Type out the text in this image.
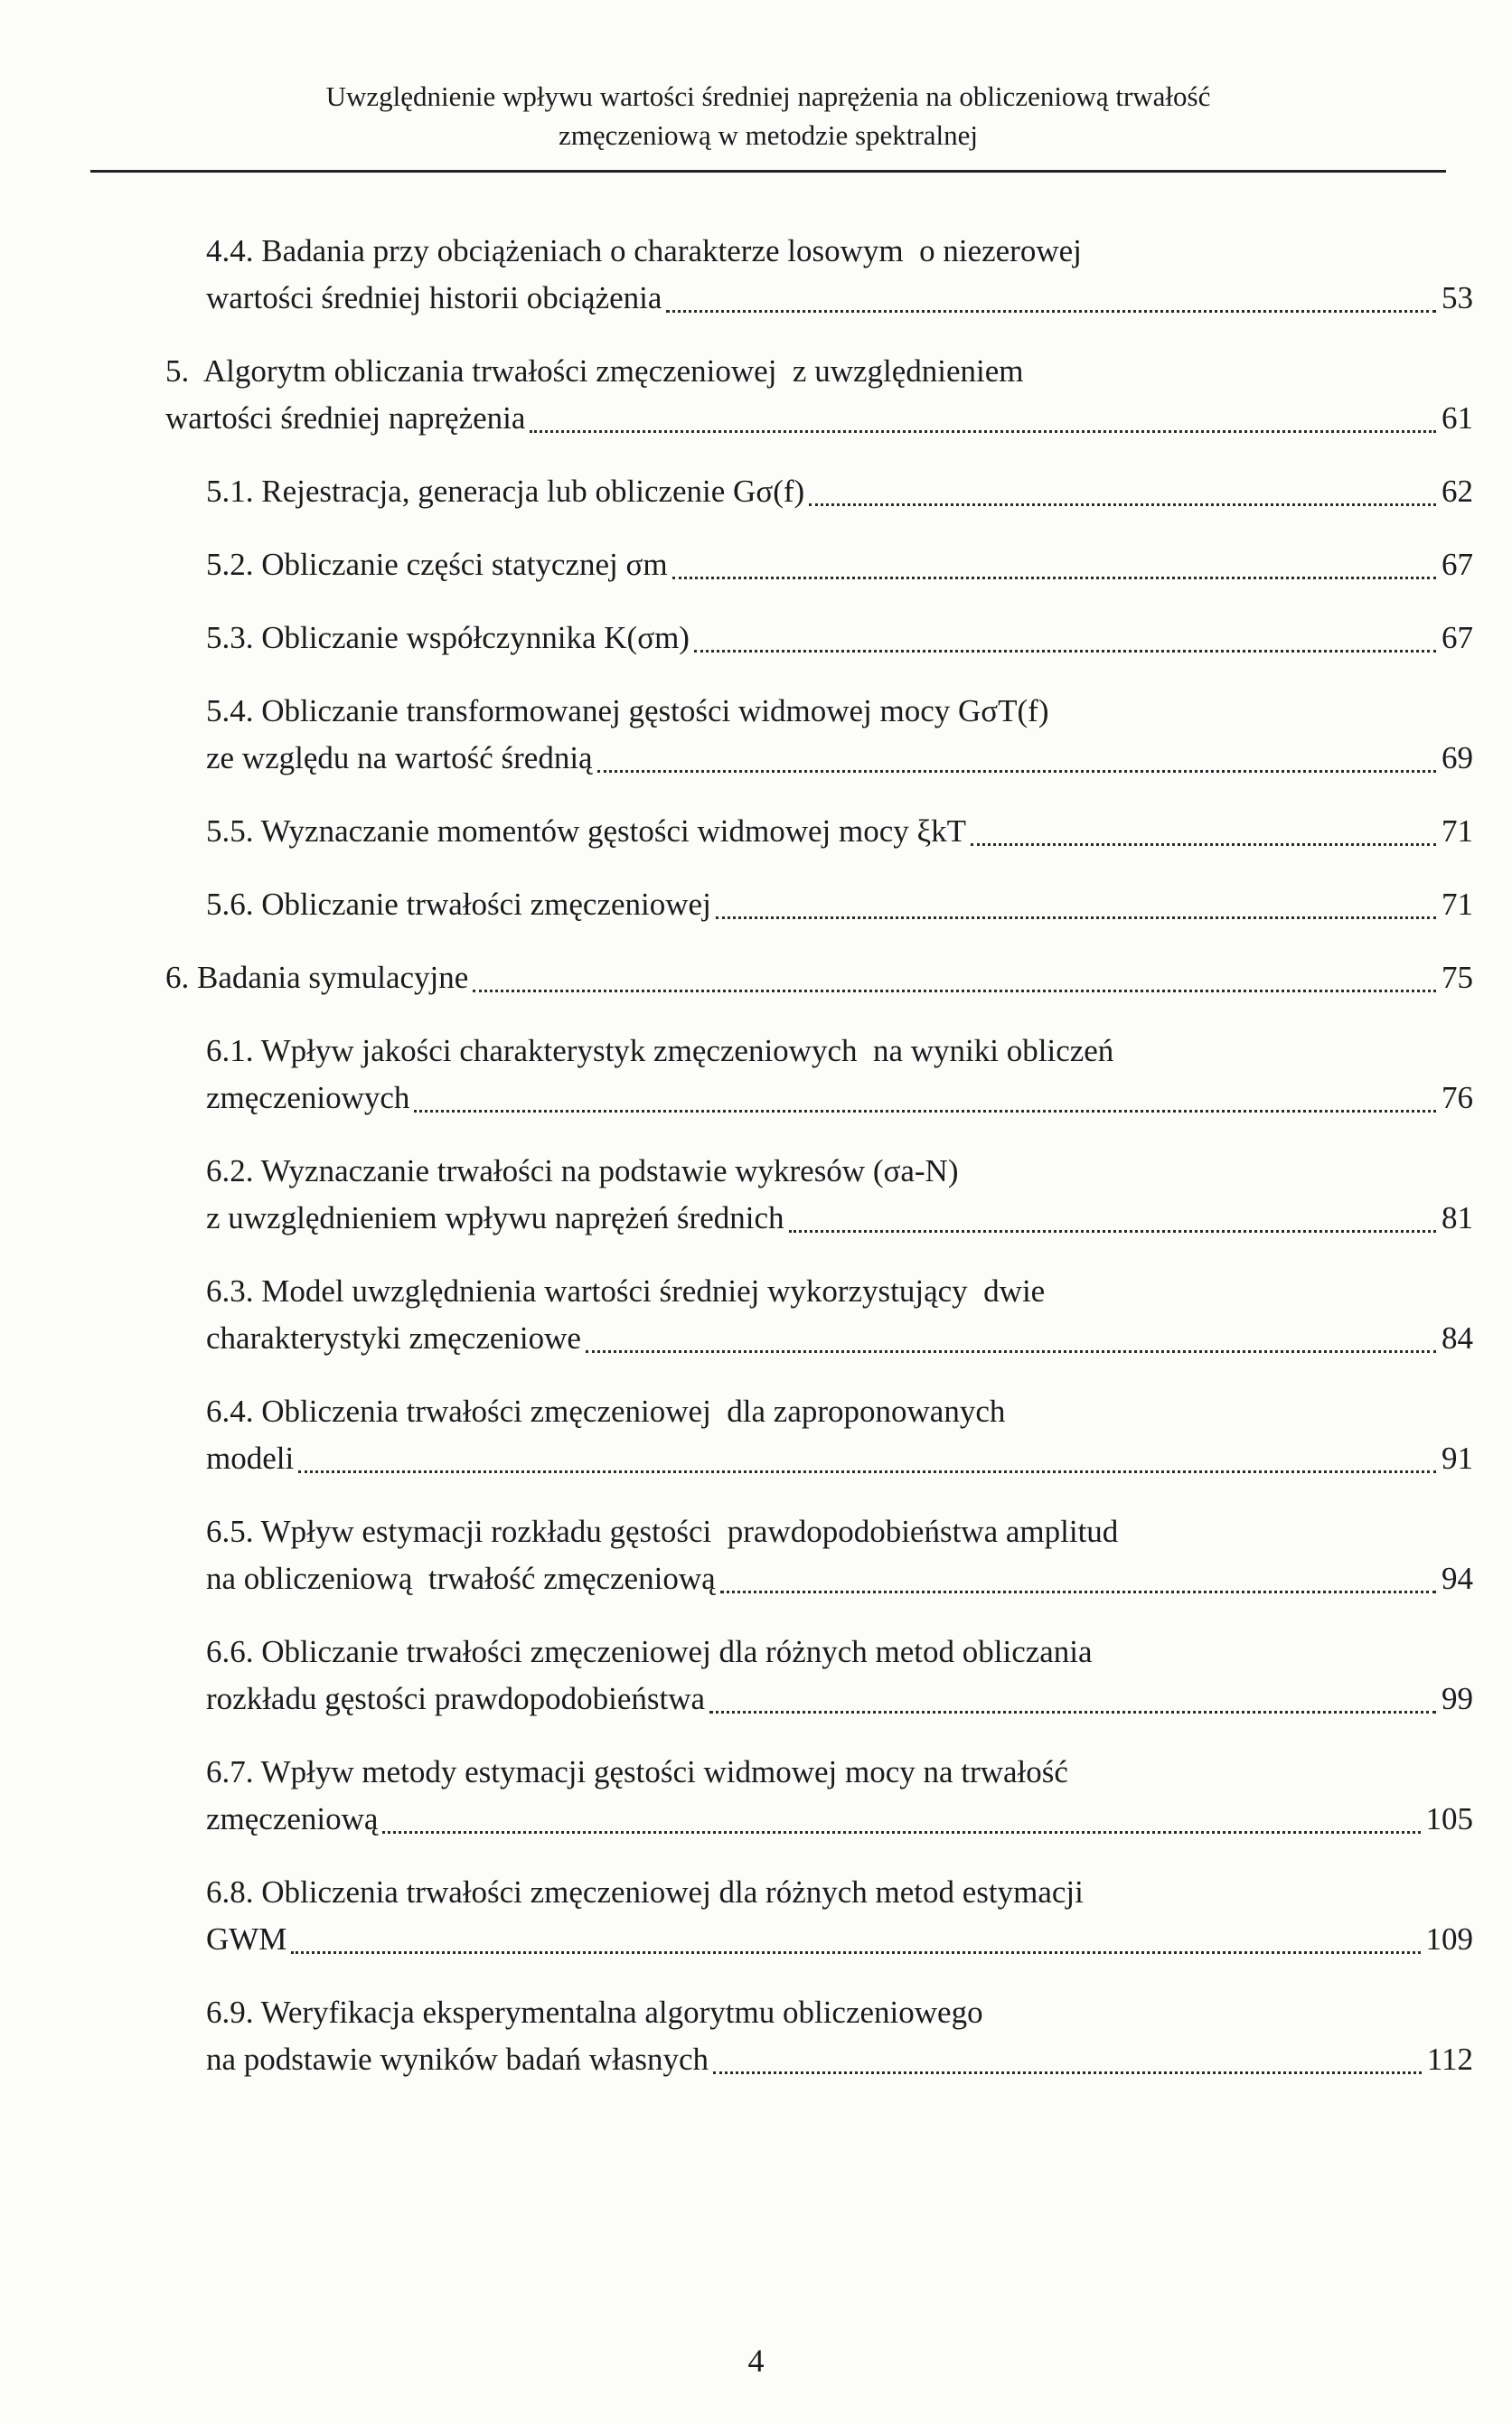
Uwzględnienie wpływu wartości średniej naprężenia na obliczeniową trwałość
zmęczeniową w metodzie spektralnej
4.4. Badania przy obciążeniach o charakterze losowym  o niezerowej
wartości średniej historii obciążenia	53
5.  Algorytm obliczania trwałości zmęczeniowej  z uwzględnieniem
wartości średniej naprężenia	61
5.1. Rejestracja, generacja lub obliczenie Gσ(f)	62
5.2. Obliczanie części statycznej σm	67
5.3. Obliczanie współczynnika K(σm)	67
5.4. Obliczanie transformowanej gęstości widmowej mocy GσT(f)
ze względu na wartość średnią	69
5.5. Wyznaczanie momentów gęstości widmowej mocy ξkT	71
5.6. Obliczanie trwałości zmęczeniowej	71
6. Badania symulacyjne	75
6.1. Wpływ jakości charakterystyk zmęczeniowych  na wyniki obliczeń
zmęczeniowych	76
6.2. Wyznaczanie trwałości na podstawie wykresów (σa-N)
z uwzględnieniem wpływu naprężeń średnich	81
6.3. Model uwzględnienia wartości średniej wykorzystujący  dwie
charakterystyki zmęczeniowe	84
6.4. Obliczenia trwałości zmęczeniowej  dla zaproponowanych
modeli	91
6.5. Wpływ estymacji rozkładu gęstości  prawdopodobieństwa amplitud
na obliczeniową  trwałość zmęczeniową	94
6.6. Obliczanie trwałości zmęczeniowej dla różnych metod obliczania
rozkładu gęstości prawdopodobieństwa	99
6.7. Wpływ metody estymacji gęstości widmowej mocy na trwałość
zmęczeniową	105
6.8. Obliczenia trwałości zmęczeniowej dla różnych metod estymacji
GWM	109
6.9. Weryfikacja eksperymentalna algorytmu obliczeniowego
na podstawie wyników badań własnych	112
4
